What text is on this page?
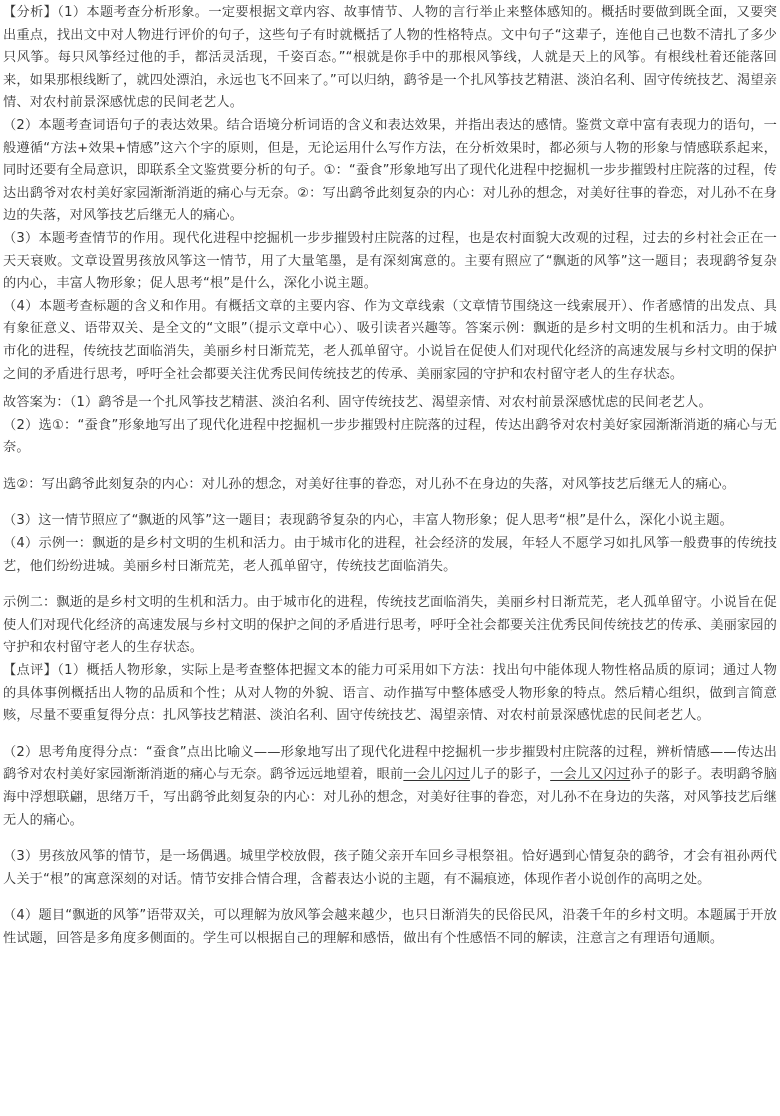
【分析】（1）本题考查分析形象。一定要根据文章内容、故事情节、人物的言行举止来整体感知的。概括时要做到既全面，又要突出重点，找出文中对人物进行评价的句子，这些句子有时就概括了人物的性格特点。文中句子“这辈子，连他自己也数不清扎了多少只风筝。每只风筝经过他的手，都活灵活现，千姿百态。”“根就是你手中的那根风筝线，人就是天上的风筝。有根线杜着还能落回来，如果那根线断了，就四处漂泊，永远也飞不回来了。”可以归纳，鹞爷是一个扎风筝技艺精湛、淡泊名利、固守传统技艺、渴望亲情、对农村前景深感忧虑的民间老艺人。

（2）本题考查词语句子的表达效果。结合语境分析词语的含义和表达效果，并指出表达的感情。鉴赏文章中富有表现力的语句，一般遵循“方法+效果+情感”这六个字的原则，但是，无论运用什么写作方法，在分析效果时，都必须与人物的形象与情感联系起来，同时还要有全局意识，即联系全文鉴赏要分析的句子。①：“蚕食”形象地写出了现代化进程中挖掘机一步步摧毁村庄院落的过程，传达出鹞爷对农村美好家园渐渐消逝的痛心与无奈。②：写出鹞爷此刻复杂的内心：对儿孙的想念，对美好往事的眷恋，对儿孙不在身边的失落，对风筝技艺后继无人的痛心。

（3）本题考查情节的作用。现代化进程中挖掘机一步步摧毁村庄院落的过程，也是农村面貌大改观的过程，过去的乡村社会正在一天天衰败。文章设置男孩放风筝这一情节，用了大量笔墨，是有深刻寓意的。主要有照应了“飘逝的风筝”这一题目；表现鹞爷复杂的内心，丰富人物形象；促人思考“根”是什么，深化小说主题。

（4）本题考查标题的含义和作用。有概括文章的主要内容、作为文章线索（文章情节围绕这一线索展开）、作者感情的出发点、具有象征意义、语带双关、是全文的“文眼”（提示文章中心）、吸引读者兴趣等。答案示例：飘逝的是乡村文明的生机和活力。由于城市化的进程，传统技艺面临消失，美丽乡村日渐荒芜，老人孤单留守。小说旨在促使人们对现代化经济的高速发展与乡村文明的保护之间的矛盾进行思考，呼吁全社会都要关注优秀民间传统技艺的传承、美丽家园的守护和农村留守老人的生存状态。

故答案为：（1）鹞爷是一个扎风筝技艺精湛、淡泊名利、固守传统技艺、渴望亲情、对农村前景深感忧虑的民间老艺人。

（2）选①：“蚕食”形象地写出了现代化进程中挖掘机一步步摧毁村庄院落的过程，传达出鹞爷对农村美好家园渐渐消逝的痛心与无奈。

选②：写出鹞爷此刻复杂的内心：对儿孙的想念，对美好往事的眷恋，对儿孙不在身边的失落，对风筝技艺后继无人的痛心。

（3）这一情节照应了“飘逝的风筝”这一题目；表现鹞爷复杂的内心，丰富人物形象；促人思考“根”是什么，深化小说主题。

（4）示例一：飘逝的是乡村文明的生机和活力。由于城市化的进程，社会经济的发展，年轻人不愿学习如扎风筝一般费事的传统技艺，他们纷纷进城。美丽乡村日渐荒芜，老人孤单留守，传统技艺面临消失。

示例二：飘逝的是乡村文明的生机和活力。由于城市化的进程，传统技艺面临消失，美丽乡村日渐荒芜，老人孤单留守。小说旨在促使人们对现代化经济的高速发展与乡村文明的保护之间的矛盾进行思考，呼吁全社会都要关注优秀民间传统技艺的传承、美丽家园的守护和农村留守老人的生存状态。

【点评】（1）概括人物形象，实际上是考查整体把握文本的能力可采用如下方法：找出句中能体现人物性格品质的原词；通过人物的具体事例概括出人物的品质和个性；从对人物的外貌、语言、动作描写中整体感受人物形象的特点。然后精心组织，做到言简意赅，尽量不要重复得分点：扎风筝技艺精湛、淡泊名利、固守传统技艺、渴望亲情、对农村前景深感忧虑的民间老艺人。

（2）思考角度得分点：“蚕食”点出比喻义——形象地写出了现代化进程中挖掘机一步步摧毁村庄院落的过程，辨析情感——传达出鹞爷对农村美好家园渐渐消逝的痛心与无奈。鹞爷远远地望着，眼前一会儿闪过儿子的影子，一会儿又闪过孙子的影子。表明鹞爷脑海中浮想联翩，思绪万千，写出鹞爷此刻复杂的内心：对儿孙的想念，对美好往事的眷恋，对儿孙不在身边的失落，对风筝技艺后继无人的痛心。

（3）男孩放风筝的情节，是一场偶遇。城里学校放假，孩子随父亲开车回乡寻根祭祖。恰好遇到心情复杂的鹞爷，才会有祖孙两代人关于“根”的寓意深刻的对话。情节安排合情合理，含蓄表达小说的主题，有不漏痕迹，体现作者小说创作的高明之处。

（4）题目“飘逝的风筝”语带双关，可以理解为放风筝会越来越少，也只日渐消失的民俗民风，沿袭千年的乡村文明。本题属于开放性试题，回答是多角度多侧面的。学生可以根据自己的理解和感悟，做出有个性感悟不同的解读，注意言之有理语句通顺。
